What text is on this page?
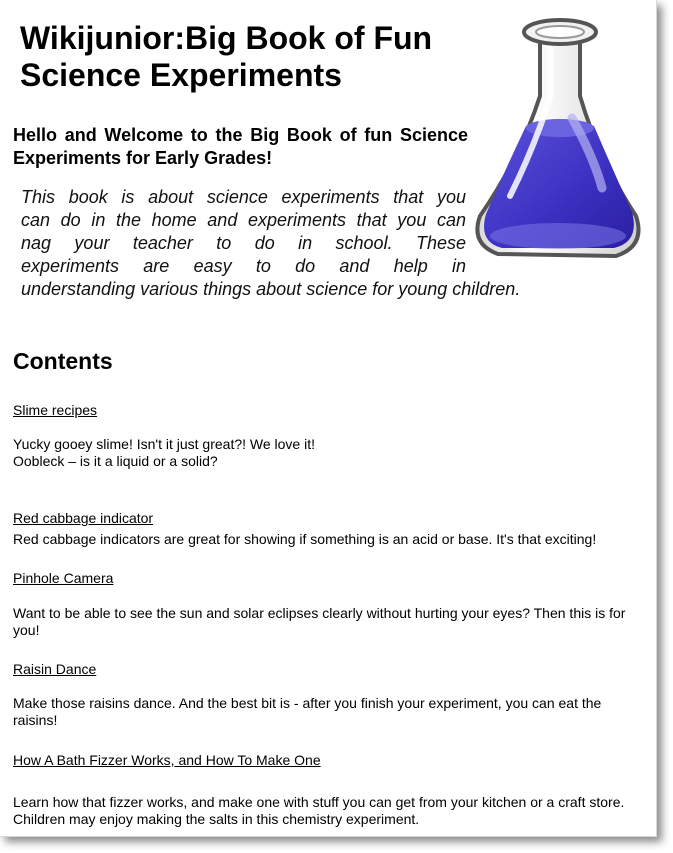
Wikijunior:Big Book of Fun
Science Experiments

Hello and Welcome to the Big Book of fun Science Experiments for Early Grades!

This book is about science experiments that you
can do in the home and experiments that you can
nag your teacher to do in school. These
experiments are easy to do and help in
understanding various things about science for young children.

Contents
Slime recipes
Yucky gooey slime! Isn't it just great?! We love it!
Oobleck – is it a liquid or a solid?
Red cabbage indicator
Red cabbage indicators are great for showing if something is an acid or base. It's that exciting!
Pinhole Camera
Want to be able to see the sun and solar eclipses clearly without hurting your eyes? Then this is for you!
Raisin Dance
Make those raisins dance. And the best bit is - after you finish your experiment, you can eat the raisins!
How A Bath Fizzer Works, and How To Make One
Learn how that fizzer works, and make one with stuff you can get from your kitchen or a craft store. Children may enjoy making the salts in this chemistry experiment.
